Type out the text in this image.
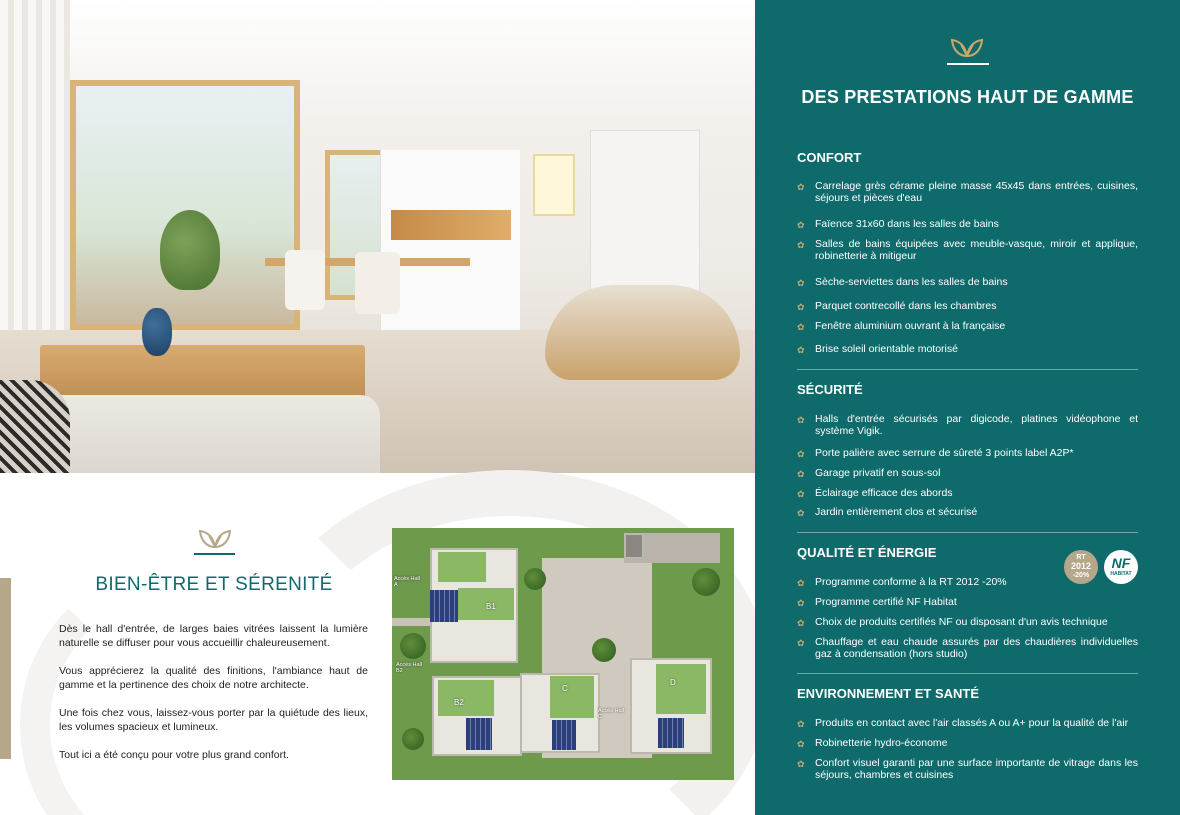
BIEN-ÊTRE ET SÉRENITÉ

Dès le hall d'entrée, de larges baies vitrées laissent la lumière naturelle se diffuser pour vous accueillir chaleureusement.

Vous apprécierez la qualité des finitions, l'ambiance haut de gamme et la pertinence des choix de notre architecte.

Une fois chez vous, laissez-vous porter par la quiétude des lieux, les volumes spacieux et lumineux.

Tout ici a été conçu pour votre plus grand confort.

B1
B2
C
D
Accès Hall A
Accès Hall B2
Accès Hall C
DES PRESTATIONS HAUT DE GAMME
CONFORT
✿ Carrelage grès cérame pleine masse 45x45 dans entrées, cuisines, séjours et pièces d'eau
✿ Faïence 31x60 dans les salles de bains
✿ Salles de bains équipées avec meuble-vasque, miroir et applique, robinetterie à mitigeur
✿ Sèche-serviettes dans les salles de bains
✿ Parquet contrecollé dans les chambres
✿ Fenêtre aluminium ouvrant à la française
✿ Brise soleil orientable motorisé
SÉCURITÉ
✿ Halls d'entrée sécurisés par digicode, platines vidéophone et système Vigik.
✿ Porte palière avec serrure de sûreté 3 points label A2P*
✿ Garage privatif en sous-sol
✿ Éclairage efficace des abords
✿ Jardin entièrement clos et sécurisé
QUALITÉ ET ÉNERGIE	RT
2012
-20%
NF
HABITAT
✿ Programme conforme à la RT 2012 -20%
✿ Programme certifié NF Habitat
✿ Choix de produits certifiés NF ou disposant d'un avis technique
✿ Chauffage et eau chaude assurés par des chaudières individuelles gaz à condensation (hors studio)
ENVIRONNEMENT ET SANTÉ
✿ Produits en contact avec l'air classés A ou A+ pour la qualité de l'air
✿ Robinetterie hydro-économe
✿ Confort visuel garanti par une surface importante de vitrage dans les séjours, chambres et cuisines
